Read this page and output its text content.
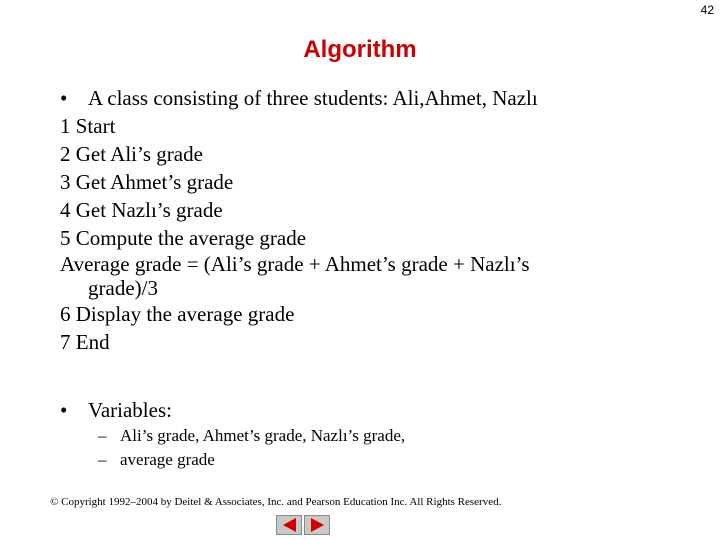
42
Algorithm
• A class consisting of three students: Ali,Ahmet, Nazlı
1 Start
2 Get Ali’s grade
3 Get Ahmet’s grade
4 Get Nazlı’s grade
5 Compute the average grade
Average grade = (Ali’s grade + Ahmet’s grade + Nazlı’s
grade)/3
6 Display the average grade
7 End
• Variables:
– Ali’s grade, Ahmet’s grade, Nazlı’s grade,
– average grade
© Copyright 1992–2004 by Deitel & Associates, Inc. and Pearson Education Inc. All Rights Reserved.
